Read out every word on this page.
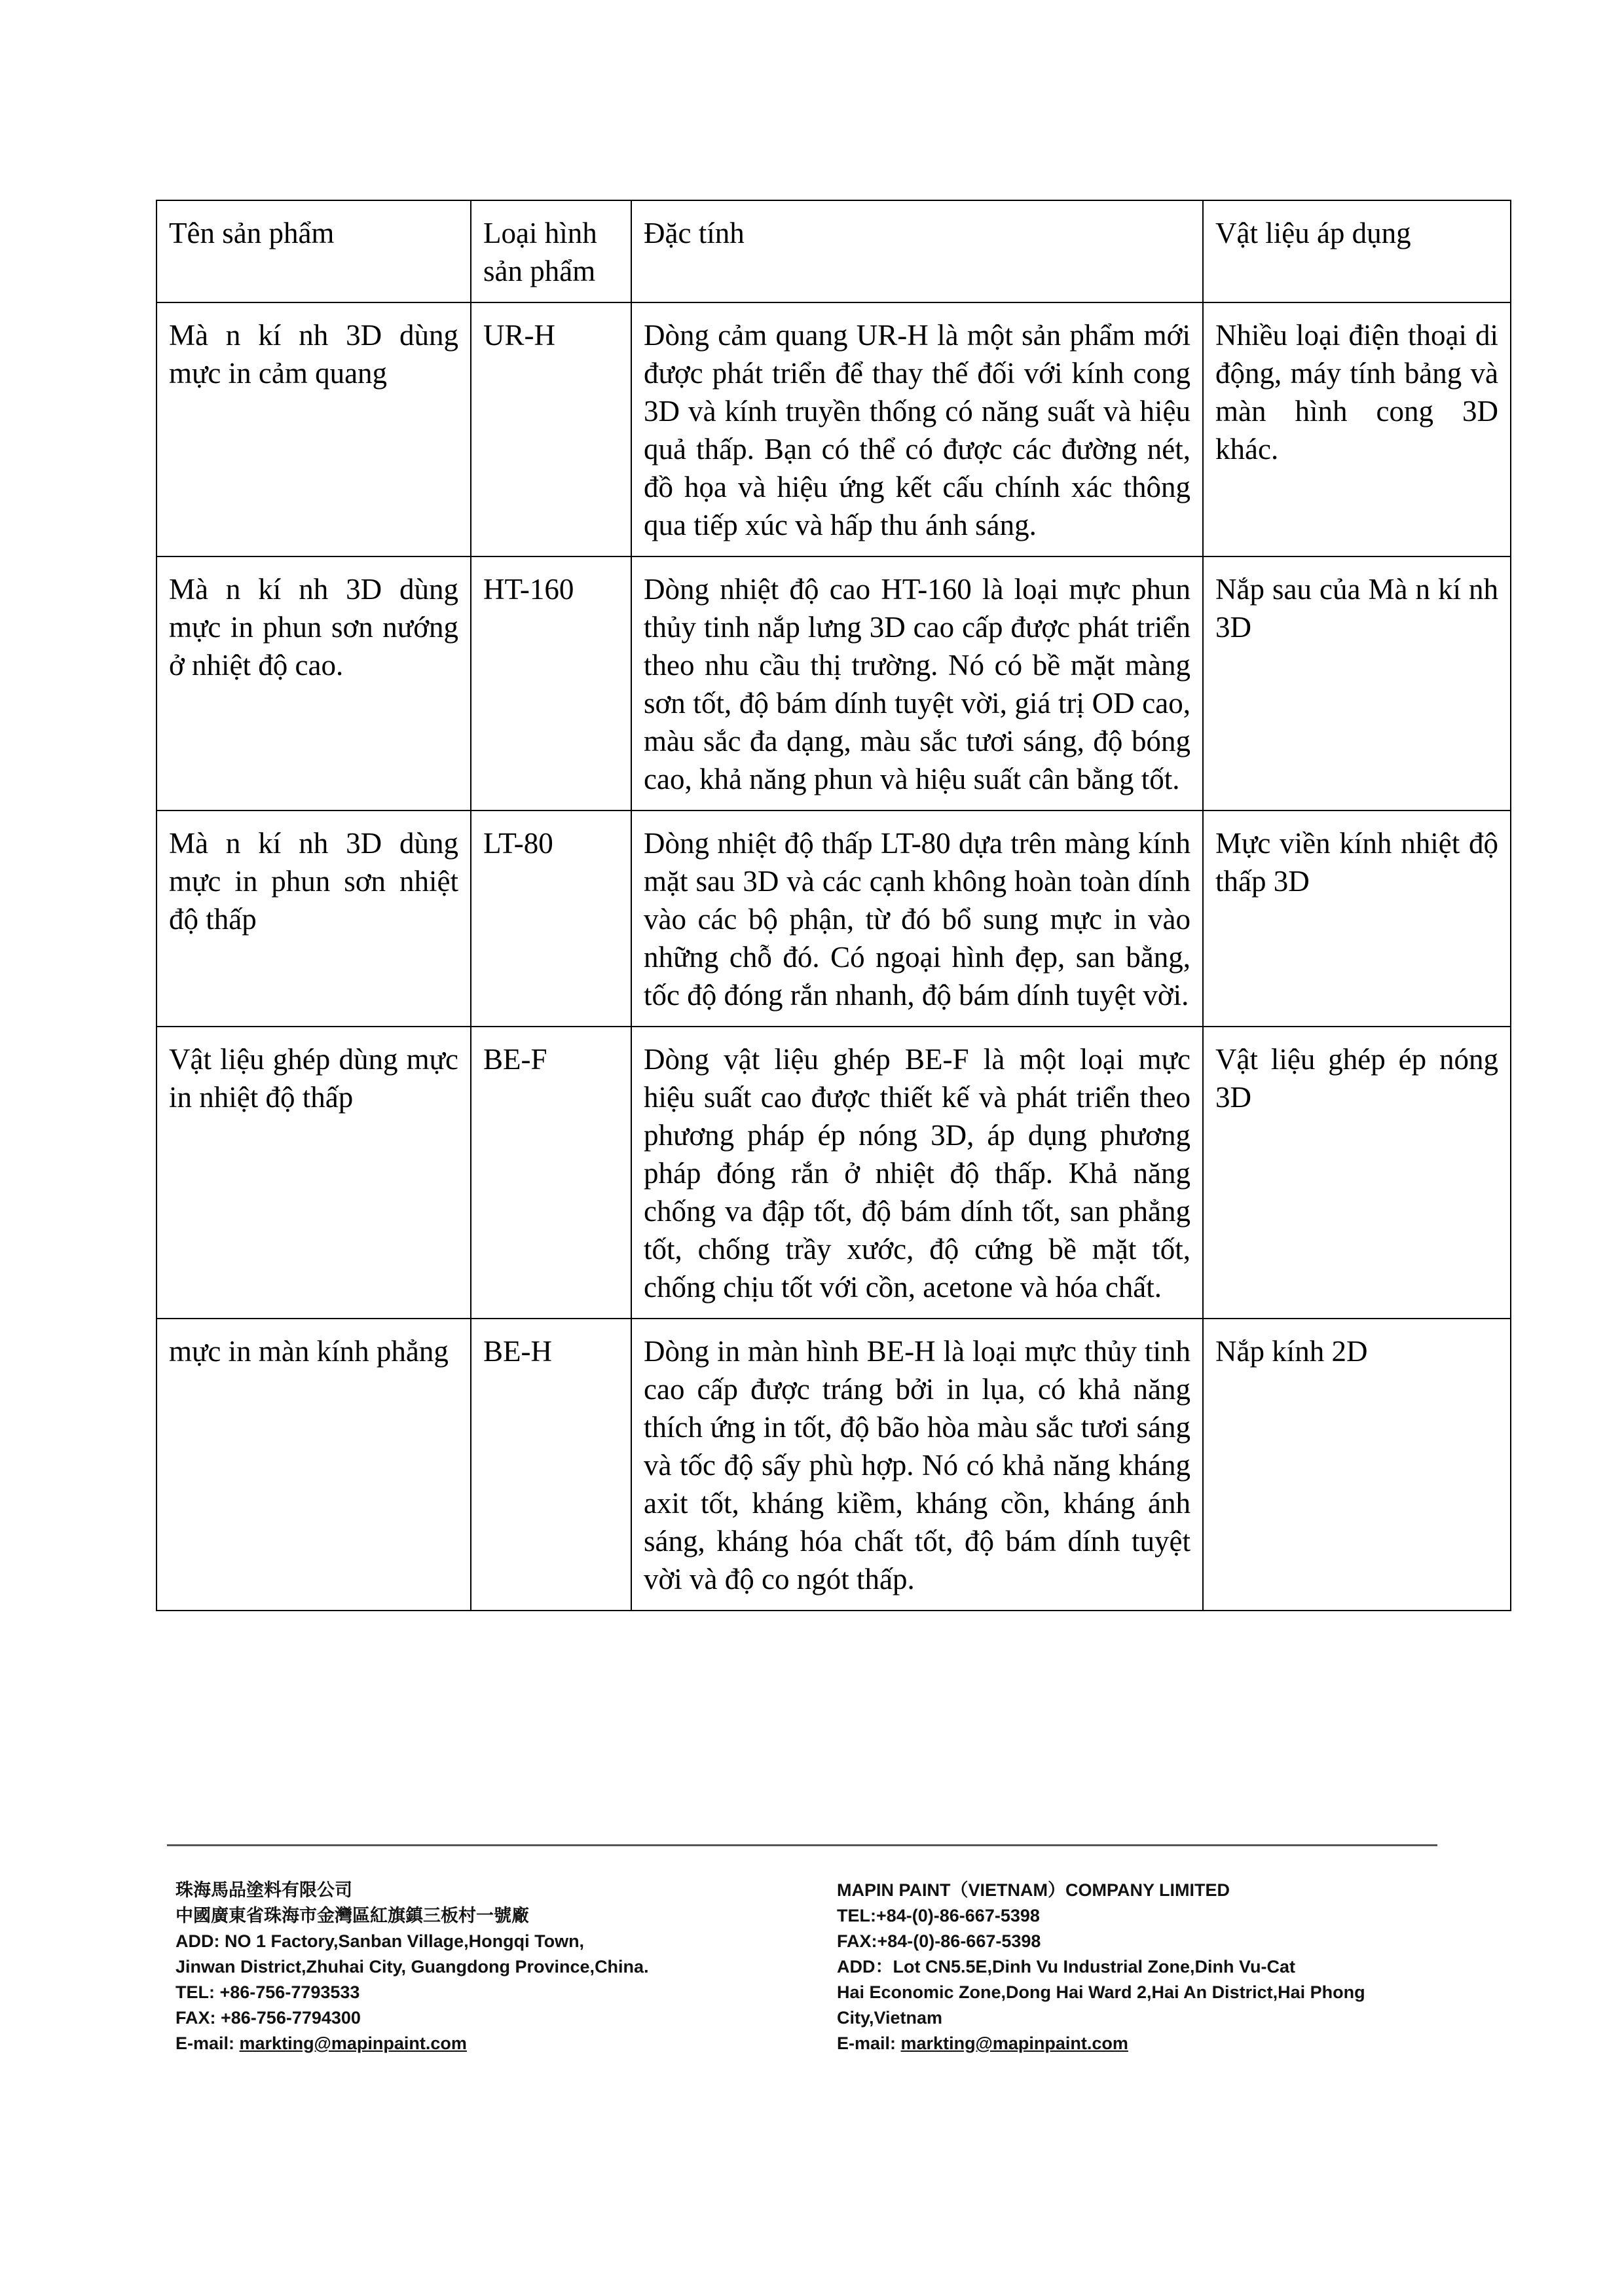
Tên sản phẩm	Loại hình sản phẩm	Đặc tính	Vật liệu áp dụng
Mà n kí nh 3D dùng mực in cảm quang	UR-H	Dòng cảm quang UR-H là một sản phẩm mới được phát triển để thay thế đối với kính cong 3D và kính truyền thống có năng suất và hiệu quả thấp. Bạn có thể có được các đường nét, đồ họa và hiệu ứng kết cấu chính xác thông qua tiếp xúc và hấp thu ánh sáng.	Nhiều loại điện thoại di động, máy tính bảng và màn hình cong 3D khác.
Mà n kí nh 3D dùng mực in phun sơn nướng ở nhiệt độ cao.	HT-160	Dòng nhiệt độ cao HT-160 là loại mực phun thủy tinh nắp lưng 3D cao cấp được phát triển theo nhu cầu thị trường. Nó có bề mặt màng sơn tốt, độ bám dính tuyệt vời, giá trị OD cao, màu sắc đa dạng, màu sắc tươi sáng, độ bóng cao, khả năng phun và hiệu suất cân bằng tốt.	Nắp sau của Mà n kí nh 3D
Mà n kí nh 3D dùng mực in phun sơn nhiệt độ thấp	LT-80	Dòng nhiệt độ thấp LT-80 dựa trên màng kính mặt sau 3D và các cạnh không hoàn toàn dính vào các bộ phận, từ đó bổ sung mực in vào những chỗ đó. Có ngoại hình đẹp, san bằng, tốc độ đóng rắn nhanh, độ bám dính tuyệt vời.	Mực viền kính nhiệt độ thấp 3D
Vật liệu ghép dùng mực in nhiệt độ thấp	BE-F	Dòng vật liệu ghép BE-F là một loại mực hiệu suất cao được thiết kế và phát triển theo phương pháp ép nóng 3D, áp dụng phương pháp đóng rắn ở nhiệt độ thấp. Khả năng chống va đập tốt, độ bám dính tốt, san phẳng tốt, chống trầy xước, độ cứng bề mặt tốt, chống chịu tốt với cồn, acetone và hóa chất.	Vật liệu ghép ép nóng 3D
mực in màn kính phẳng	BE-H	Dòng in màn hình BE-H là loại mực thủy tinh cao cấp được tráng bởi in lụa, có khả năng thích ứng in tốt, độ bão hòa màu sắc tươi sáng và tốc độ sấy phù hợp. Nó có khả năng kháng axit tốt, kháng kiềm, kháng cồn, kháng ánh sáng, kháng hóa chất tốt, độ bám dính tuyệt vời và độ co ngót thấp.	Nắp kính 2D
珠海馬品塗料有限公司
中國廣東省珠海市金灣區紅旗鎮三板村一號廠
ADD: NO 1 Factory,Sanban Village,Hongqi Town,
Jinwan District,Zhuhai City, Guangdong Province,China.
TEL: +86-756-7793533
FAX: +86-756-7794300
E-mail: markting@mapinpaint.com
MAPIN PAINT（VIETNAM）COMPANY LIMITED
TEL:+84-(0)-86-667-5398
FAX:+84-(0)-86-667-5398
ADD：Lot CN5.5E,Dinh Vu Industrial Zone,Dinh Vu-Cat
Hai Economic Zone,Dong Hai Ward 2,Hai An District,Hai Phong City,Vietnam
E-mail: markting@mapinpaint.com
